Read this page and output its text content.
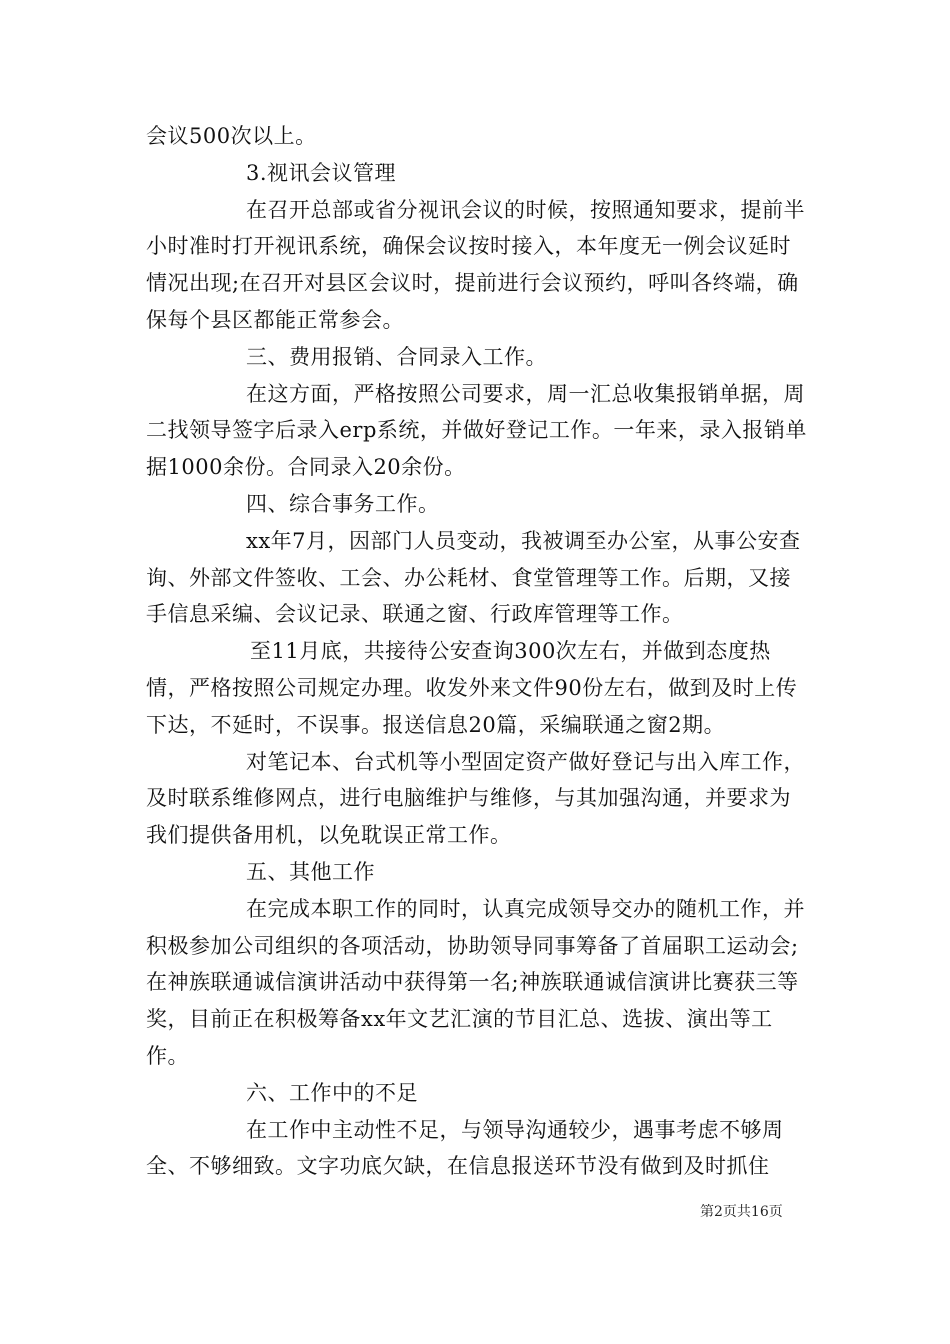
会议500次以上。

3.视讯会议管理

在召开总部或省分视讯会议的时候，按照通知要求，提前半小时准时打开视讯系统，确保会议按时接入，本年度无一例会议延时情况出现;在召开对县区会议时，提前进行会议预约，呼叫各终端，确保每个县区都能正常参会。

三、费用报销、合同录入工作。

在这方面，严格按照公司要求，周一汇总收集报销单据，周二找领导签字后录入erp系统，并做好登记工作。一年来，录入报销单据1000余份。合同录入20余份。

四、综合事务工作。

xx年7月，因部门人员变动，我被调至办公室，从事公安查询、外部文件签收、工会、办公耗材、食堂管理等工作。后期，又接手信息采编、会议记录、联通之窗、行政库管理等工作。

至11月底，共接待公安查询300次左右，并做到态度热情，严格按照公司规定办理。收发外来文件90份左右，做到及时上传下达，不延时，不误事。报送信息20篇，采编联通之窗2期。

对笔记本、台式机等小型固定资产做好登记与出入库工作，及时联系维修网点，进行电脑维护与维修，与其加强沟通，并要求为我们提供备用机，以免耽误正常工作。

五、其他工作

在完成本职工作的同时，认真完成领导交办的随机工作，并积极参加公司组织的各项活动，协助领导同事筹备了首届职工运动会;在神族联通诚信演讲活动中获得第一名;神族联通诚信演讲比赛获三等奖，目前正在积极筹备xx年文艺汇演的节目汇总、选拔、演出等工作。

六、工作中的不足

在工作中主动性不足，与领导沟通较少，遇事考虑不够周全、不够细致。文字功底欠缺，在信息报送环节没有做到及时抓住

第2页共16页
